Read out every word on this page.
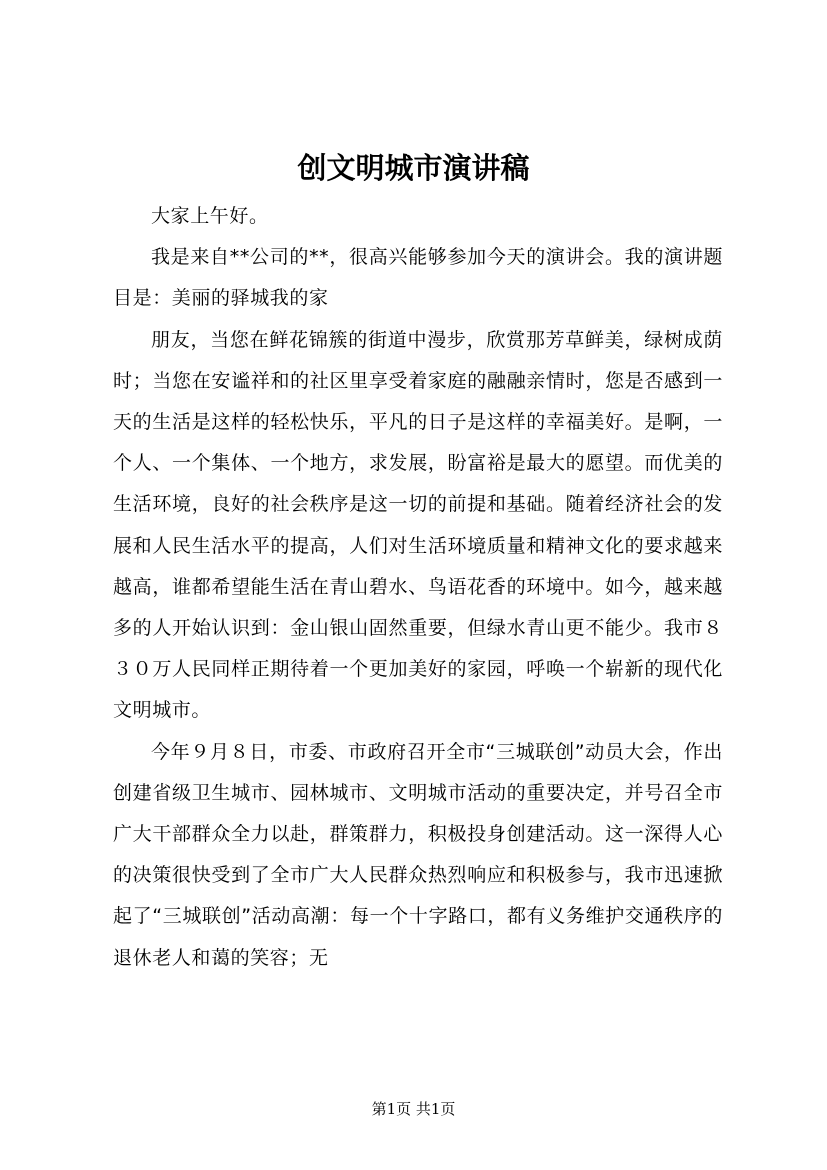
创文明城市演讲稿

大家上午好。

我是来自**公司的**，很高兴能够参加今天的演讲会。我的演讲题目是：美丽的驿城我的家

朋友，当您在鲜花锦簇的街道中漫步，欣赏那芳草鲜美，绿树成荫时；当您在安谧祥和的社区里享受着家庭的融融亲情时，您是否感到一天的生活是这样的轻松快乐，平凡的日子是这样的幸福美好。是啊，一个人、一个集体、一个地方，求发展，盼富裕是最大的愿望。而优美的生活环境，良好的社会秩序是这一切的前提和基础。随着经济社会的发展和人民生活水平的提高，人们对生活环境质量和精神文化的要求越来越高，谁都希望能生活在青山碧水、鸟语花香的环境中。如今，越来越多的人开始认识到：金山银山固然重要，但绿水青山更不能少。我市８３０万人民同样正期待着一个更加美好的家园，呼唤一个崭新的现代化文明城市。

今年９月８日，市委、市政府召开全市“三城联创”动员大会，作出创建省级卫生城市、园林城市、文明城市活动的重要决定，并号召全市广大干部群众全力以赴，群策群力，积极投身创建活动。这一深得人心的决策很快受到了全市广大人民群众热烈响应和积极参与，我市迅速掀起了“三城联创”活动高潮：每一个十字路口，都有义务维护交通秩序的退休老人和蔼的笑容；无

第1页 共1页
